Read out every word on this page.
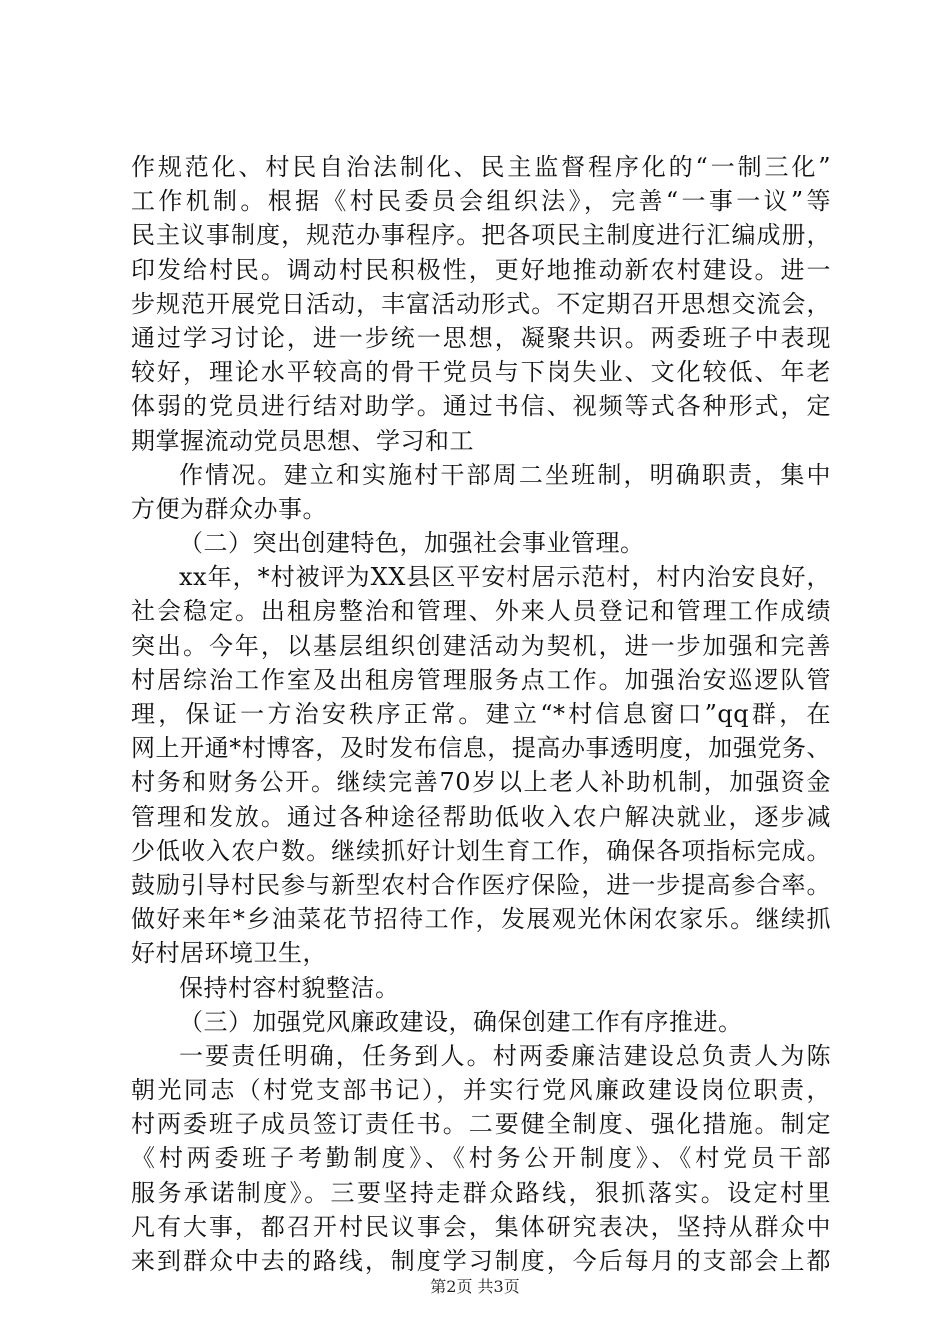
作规范化、村民自治法制化、民主监督程序化的“一制三化”
工作机制。根据《村民委员会组织法》，完善“一事一议”等
民主议事制度，规范办事程序。把各项民主制度进行汇编成册，
印发给村民。调动村民积极性，更好地推动新农村建设。进一
步规范开展党日活动，丰富活动形式。不定期召开思想交流会，
通过学习讨论，进一步统一思想，凝聚共识。两委班子中表现
较好，理论水平较高的骨干党员与下岗失业、文化较低、年老
体弱的党员进行结对助学。通过书信、视频等式各种形式，定
期掌握流动党员思想、学习和工
作情况。建立和实施村干部周二坐班制，明确职责，集中
方便为群众办事。
（二）突出创建特色，加强社会事业管理。
xx年，*村被评为XX县区平安村居示范村，村内治安良好，
社会稳定。出租房整治和管理、外来人员登记和管理工作成绩
突出。今年，以基层组织创建活动为契机，进一步加强和完善
村居综治工作室及出租房管理服务点工作。加强治安巡逻队管
理，保证一方治安秩序正常。建立“*村信息窗口”qq群，在
网上开通*村博客，及时发布信息，提高办事透明度，加强党务、
村务和财务公开。继续完善70岁以上老人补助机制，加强资金
管理和发放。通过各种途径帮助低收入农户解决就业，逐步减
少低收入农户数。继续抓好计划生育工作，确保各项指标完成。
鼓励引导村民参与新型农村合作医疗保险，进一步提高参合率。
做好来年*乡油菜花节招待工作，发展观光休闲农家乐。继续抓
好村居环境卫生，
保持村容村貌整洁。
（三）加强党风廉政建设，确保创建工作有序推进。
一要责任明确，任务到人。村两委廉洁建设总负责人为陈
朝光同志（村党支部书记），并实行党风廉政建设岗位职责，
村两委班子成员签订责任书。二要健全制度、强化措施。制定
《村两委班子考勤制度》、《村务公开制度》、《村党员干部
服务承诺制度》。三要坚持走群众路线，狠抓落实。设定村里
凡有大事，都召开村民议事会，集体研究表决，坚持从群众中
来到群众中去的路线，制度学习制度，今后每月的支部会上都
第2页 共3页
